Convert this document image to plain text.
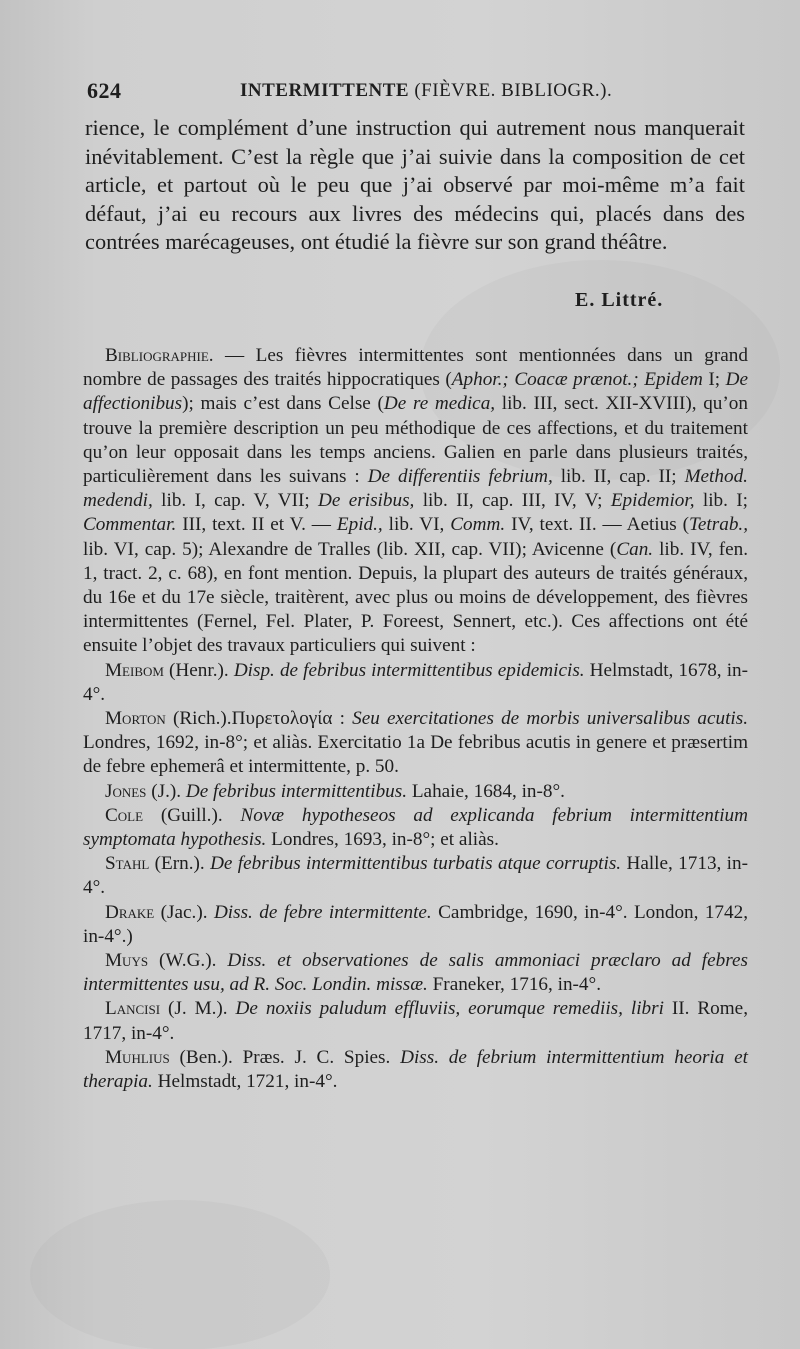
624	INTERMITTENTE (FIÈVRE. BIBLIOGR.).

rience, le complément d’une instruction qui autrement nous manquerait inévitablement. C’est la règle que j’ai suivie dans la composition de cet article, et partout où le peu que j’ai observé par moi-même m’a fait défaut, j’ai eu recours aux livres des médecins qui, placés dans des contrées marécageuses, ont étudié la fièvre sur son grand théâtre.

E. Littré.

Bibliographie. — Les fièvres intermittentes sont mentionnées dans un grand nombre de passages des traités hippocratiques (Aphor.; Coacæ prænot.; Epidem I; De affectionibus); mais c’est dans Celse (De re medica, lib. III, sect. XII-XVIII), qu’on trouve la première description un peu méthodique de ces affections, et du traitement qu’on leur opposait dans les temps anciens. Galien en parle dans plusieurs traités, particulièrement dans les suivans : De differentiis febrium, lib. II, cap. II; Method. medendi, lib. I, cap. V, VII; De erisibus, lib. II, cap. III, IV, V; Epidemior, lib. I; Commentar. III, text. II et V. — Epid., lib. VI, Comm. IV, text. II. — Aetius (Tetrab., lib. VI, cap. 5); Alexandre de Tralles (lib. XII, cap. VII); Avicenne (Can. lib. IV, fen. 1, tract. 2, c. 68), en font mention. Depuis, la plupart des auteurs de traités généraux, du 16e et du 17e siècle, traitèrent, avec plus ou moins de développement, des fièvres intermittentes (Fernel, Fel. Plater, P. Foreest, Sennert, etc.). Ces affections ont été ensuite l’objet des travaux particuliers qui suivent :

Meibom (Henr.). Disp. de febribus intermittentibus epidemicis. Helmstadt, 1678, in-4°.

Morton (Rich.).Πυρετολογία : Seu exercitationes de morbis universalibus acutis. Londres, 1692, in-8°; et aliàs. Exercitatio 1a De febribus acutis in genere et præsertim de febre ephemerâ et intermittente, p. 50.

Jones (J.). De febribus intermittentibus. Lahaie, 1684, in-8°.

Cole (Guill.). Novæ hypotheseos ad explicanda febrium intermittentium symptomata hypothesis. Londres, 1693, in-8°; et aliàs.

Stahl (Ern.). De febribus intermittentibus turbatis atque corruptis. Halle, 1713, in-4°.

Drake (Jac.). Diss. de febre intermittente. Cambridge, 1690, in-4°. London, 1742, in-4°.)

Muys (W.G.). Diss. et observationes de salis ammoniaci præclaro ad febres intermittentes usu, ad R. Soc. Londin. missæ. Franeker, 1716, in-4°.

Lancisi (J. M.). De noxiis paludum effluviis, eorumque remediis, libri II. Rome, 1717, in-4°.

Muhlius (Ben.). Præs. J. C. Spies. Diss. de febrium intermittentium heoria et therapia. Helmstadt, 1721, in-4°.
